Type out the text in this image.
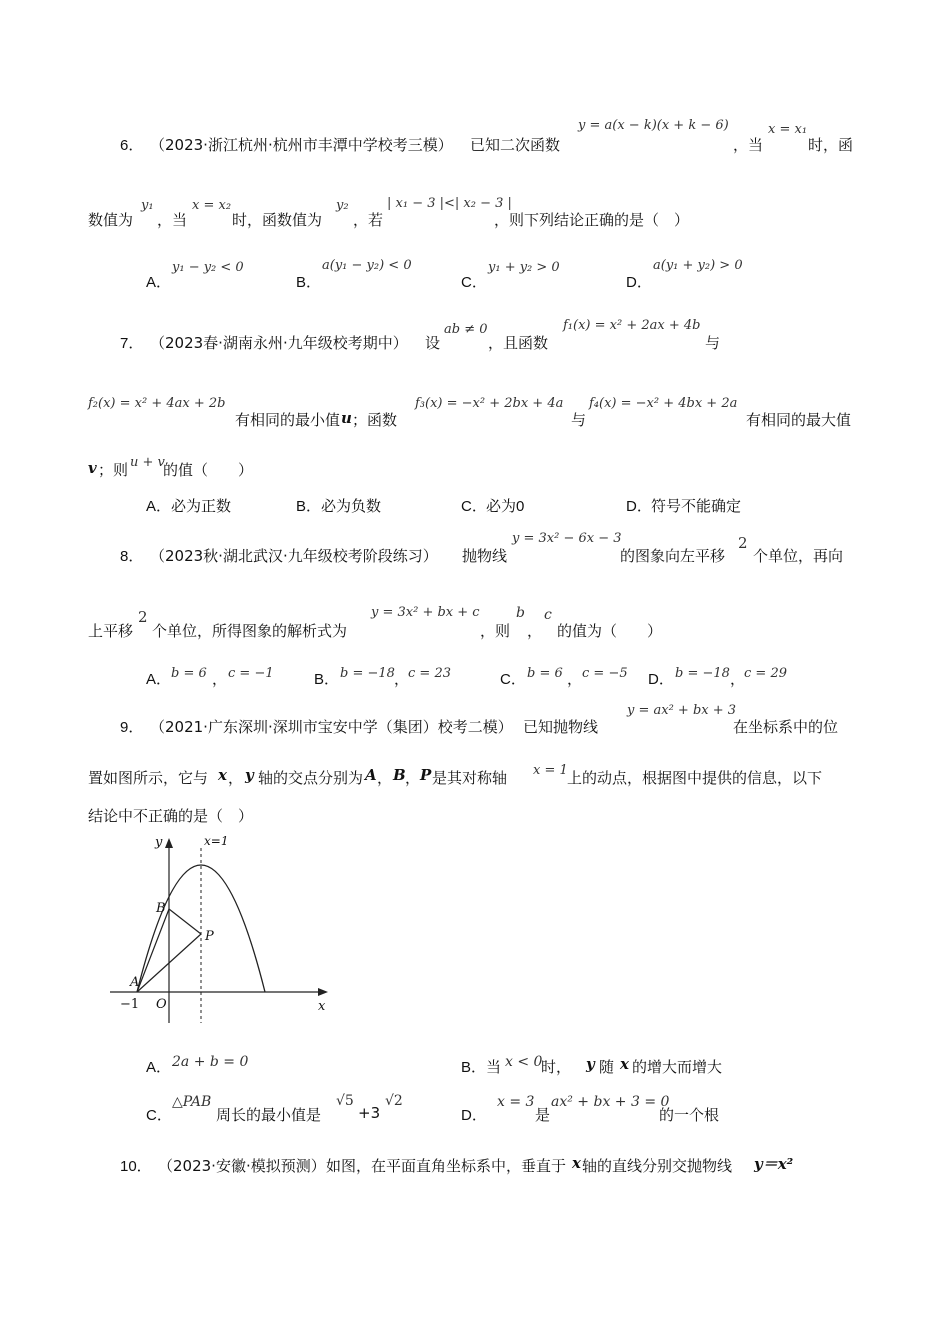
6． （2023·浙江杭州·杭州市丰潭中学校考三模） 已知二次函数
y = a(x − k)(x + k − 6)
，当
x = x₁
时，函
数值为
y₁
，当
x = x₂
时，函数值为
y₂
，若
| x₁ − 3 |<| x₂ − 3 |
，则下列结论正确的是（　）
A．
y₁ − y₂ < 0
B．
a(y₁ − y₂) < 0
C．
y₁ + y₂ > 0
D．
a(y₁ + y₂) > 0
7． （2023春·湖南永州·九年级校考期中） 设
ab ≠ 0
，且函数
f₁(x) = x² + 2ax + 4b
与
f₂(x) = x² + 4ax + 2b
有相同的最小值 u ；函数
f₃(x) = −x² + 2bx + 4a
与
f₄(x) = −x² + 4bx + 2a
有相同的最大值
v ；则 u + v
的值（　　）
A． 必为正数	B． 必为负数	C． 必为0	D． 符号不能确定
8． （2023秋·湖北武汉·九年级校考阶段练习） 抛物线
y = 3x² − 6x − 3
的图象向左平移
2
个单位，再向
上平移
2
个单位，所得图象的解析式为
y = 3x² + bx + c
，则
b
，
c
的值为（　　）
A． b = 6 ， c = −1	B． b = −18 ，
c = 23	C． b = 6 ， c = −5 D． b = −18 ，
c = 29
9． （2021·广东深圳·深圳市宝安中学（集团）校考二模） 已知抛物线
y = ax² + bx + 3
在坐标系中的位
置如图所示，它与 x ， y 轴的交点分别为 A ， B ， P 是其对称轴 x = 1 上的动点，根据图中提供的信息，以下
结论中不正确的是（　）
y
x
x=1
B
P
A
O
−1
A． 2a + b = 0	B． 当 x < 0
时， y 随 x 的增大而增大
C．
△PAB
周长的最小值是
√5
+3
√2
D．
x = 3
是
ax² + bx + 3 = 0
的一个根
10． （2023·安徽·模拟预测） 如图，在平面直角坐标系中，垂直于 x 轴的直线分别交抛物线 y＝x²
